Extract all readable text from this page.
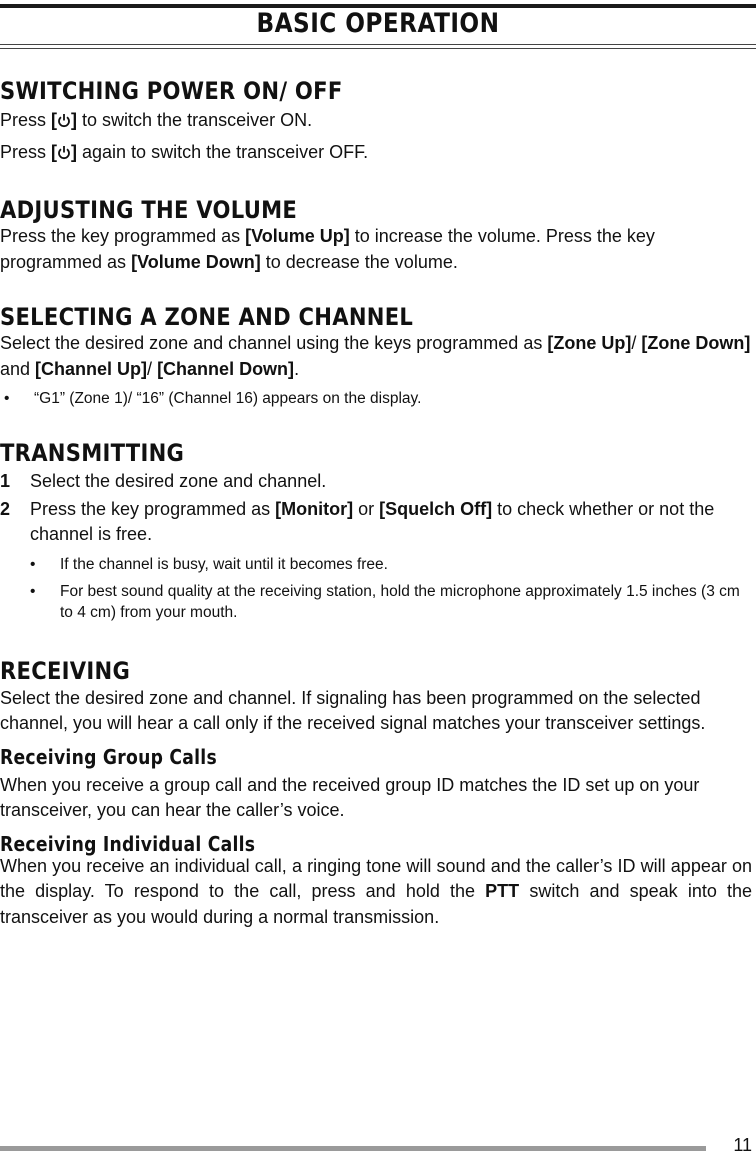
BASIC OPERATION
SWITCHING POWER ON/ OFF

Press [ ] to switch the transceiver ON.

Press [ ] again to switch the transceiver OFF.

ADJUSTING THE VOLUME

Press the key programmed as [Volume Up] to increase the volume. Press the key programmed as [Volume Down] to decrease the volume.

SELECTING A ZONE AND CHANNEL

Select the desired zone and channel using the keys programmed as [Zone Up]/ [Zone Down] and [Channel Up]/ [Channel Down].

• “G1” (Zone 1)/ “16” (Channel 16) appears on the display.
TRANSMITTING
1 Select the desired zone and channel.
2 Press the key programmed as [Monitor] or [Squelch Off] to check whether or not the channel is free.
• If the channel is busy, wait until it becomes free.
• For best sound quality at the receiving station, hold the microphone approximately 1.5 inches (3 cm to 4 cm) from your mouth.
RECEIVING

Select the desired zone and channel. If signaling has been programmed on the selected channel, you will hear a call only if the received signal matches your transceiver settings.

Receiving Group Calls

When you receive a group call and the received group ID matches the ID set up on your transceiver, you can hear the caller’s voice.

Receiving Individual Calls

When you receive an individual call, a ringing tone will sound and the caller’s ID will appear on the display. To respond to the call, press and hold the PTT switch and speak into the transceiver as you would during a normal transmission.

11
